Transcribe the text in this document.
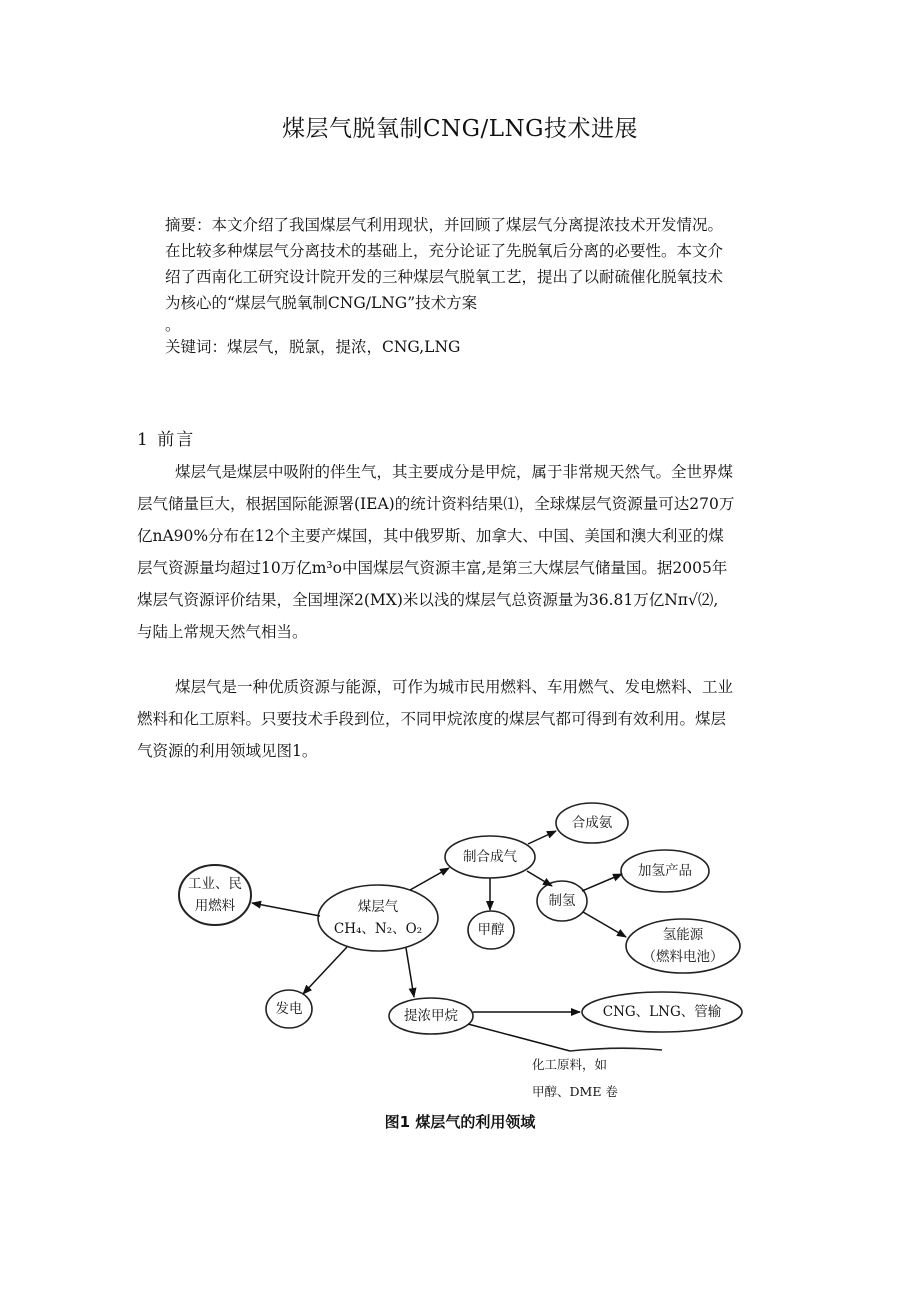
煤层气脱氧制CNG/LNG技术进展
摘要：本文介绍了我国煤层气利用现状，并回顾了煤层气分离提浓技术开发情况。
在比较多种煤层气分离技术的基础上，充分论证了先脱氧后分离的必要性。本文介
绍了西南化工研究设计院开发的三种煤层气脱氧工艺，提出了以耐硫催化脱氧技术
为核心的“煤层气脱氧制CNG/LNG”技术方案
。
关键词：煤层气，脱氯，提浓，CNG,LNG
1 前言
煤层气是煤层中吸附的伴生气，其主要成分是甲烷，属于非常规天然气。全世界煤
层气储量巨大，根据国际能源署(IEA)的统计资料结果⑴，全球煤层气资源量可达270万
亿nA90%分布在12个主要产煤国，其中俄罗斯、加拿大、中国、美国和澳大利亚的煤
层气资源量均超过10万亿m³o中国煤层气资源丰富,是第三大煤层气储量国。据2005年
煤层气资源评价结果，全国埋深2(MX)米以浅的煤层气总资源量为36.81万亿Nπ√⑵,
与陆上常规天然气相当。
煤层气是一种优质资源与能源，可作为城市民用燃料、车用燃气、发电燃料、工业
燃料和化工原料。只要技术手段到位，不同甲烷浓度的煤层气都可得到有效利用。煤层
气资源的利用领域见图1。
工业、民
用燃料	煤层气
CH₄、N₂、O₂
发电
制合成气
甲醇
合成氨
制氢
加氢产品
氢能源
（燃料电池）
提浓甲烷	CNG、LNG、管输
化工原料，如
甲醇、DME 卷
图1 煤层气的利用领域
